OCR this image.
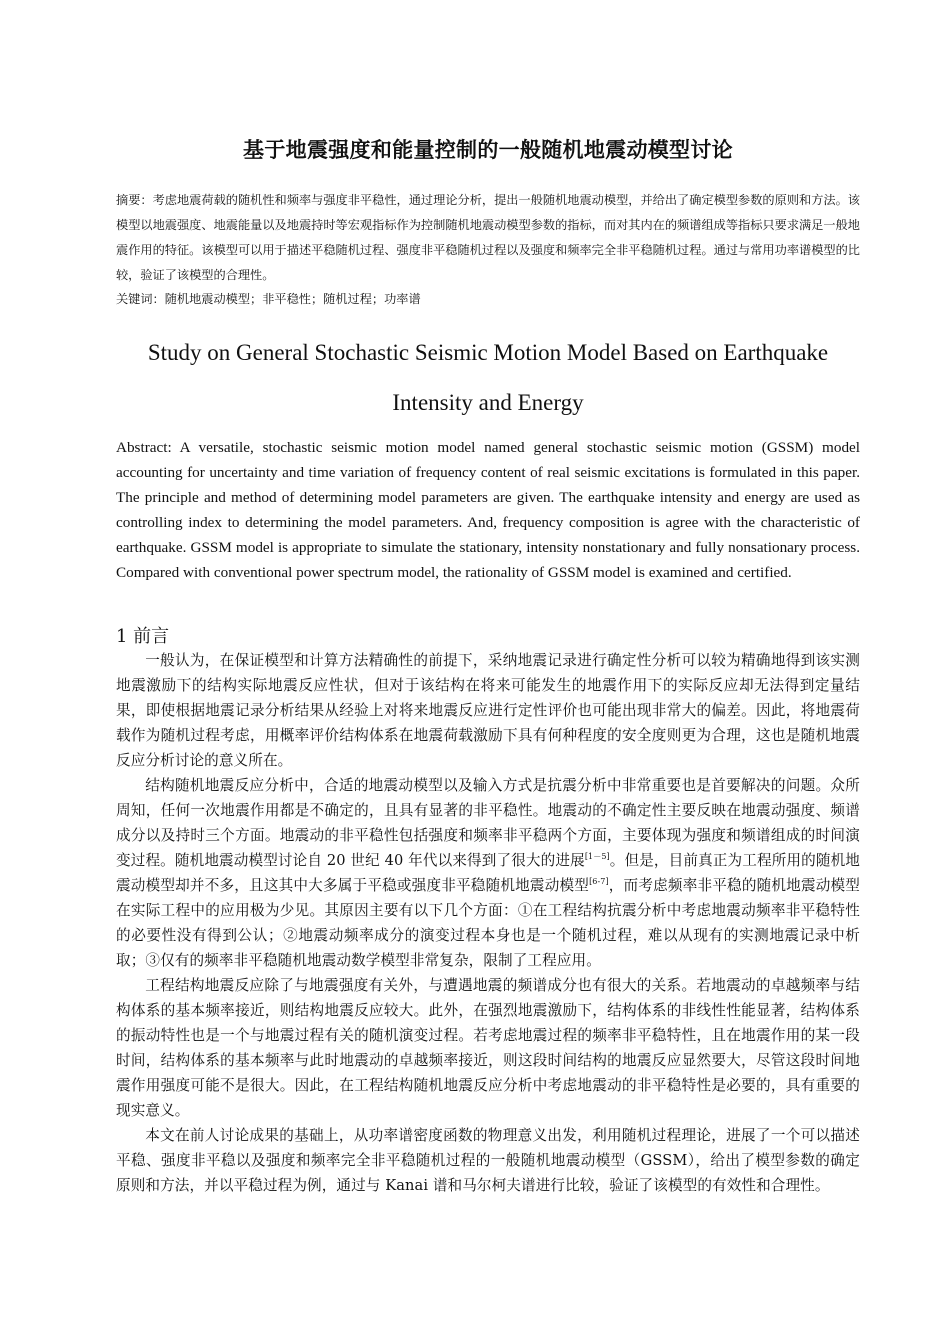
基于地震强度和能量控制的一般随机地震动模型讨论

摘要：考虑地震荷载的随机性和频率与强度非平稳性，通过理论分析，提出一般随机地震动模型，并给出了确定模型参数的原则和方法。该模型以地震强度、地震能量以及地震持时等宏观指标作为控制随机地震动模型参数的指标，而对其内在的频谱组成等指标只要求满足一般地震作用的特征。该模型可以用于描述平稳随机过程、强度非平稳随机过程以及强度和频率完全非平稳随机过程。通过与常用功率谱模型的比较，验证了该模型的合理性。

关键词：随机地震动模型；非平稳性；随机过程；功率谱

Study on General Stochastic Seismic Motion Model Based on Earthquake
Intensity and Energy

Abstract: A versatile, stochastic seismic motion model named general stochastic seismic motion (GSSM) model accounting for uncertainty and time variation of frequency content of real seismic excitations is formulated in this paper. The principle and method of determining model parameters are given. The earthquake intensity and energy are used as controlling index to determining the model parameters. And, frequency composition is agree with the characteristic of earthquake. GSSM model is appropriate to simulate the stationary, intensity nonstationary and fully nonsationary process. Compared with conventional power spectrum model, the rationality of GSSM model is examined and certified.

1 前言

一般认为，在保证模型和计算方法精确性的前提下，采纳地震记录进行确定性分析可以较为精确地得到该实测地震激励下的结构实际地震反应性状，但对于该结构在将来可能发生的地震作用下的实际反应却无法得到定量结果，即使根据地震记录分析结果从经验上对将来地震反应进行定性评价也可能出现非常大的偏差。因此，将地震荷载作为随机过程考虑，用概率评价结构体系在地震荷载激励下具有何种程度的安全度则更为合理，这也是随机地震反应分析讨论的意义所在。

结构随机地震反应分析中，合适的地震动模型以及输入方式是抗震分析中非常重要也是首要解决的问题。众所周知，任何一次地震作用都是不确定的，且具有显著的非平稳性。地震动的不确定性主要反映在地震动强度、频谱成分以及持时三个方面。地震动的非平稳性包括强度和频率非平稳两个方面，主要体现为强度和频谱组成的时间演变过程。随机地震动模型讨论自 20 世纪 40 年代以来得到了很大的进展[1－5]。但是，目前真正为工程所用的随机地震动模型却并不多，且这其中大多属于平稳或强度非平稳随机地震动模型[6-7]，而考虑频率非平稳的随机地震动模型在实际工程中的应用极为少见。其原因主要有以下几个方面：①在工程结构抗震分析中考虑地震动频率非平稳特性的必要性没有得到公认；②地震动频率成分的演变过程本身也是一个随机过程，难以从现有的实测地震记录中析取；③仅有的频率非平稳随机地震动数学模型非常复杂，限制了工程应用。

工程结构地震反应除了与地震强度有关外，与遭遇地震的频谱成分也有很大的关系。若地震动的卓越频率与结构体系的基本频率接近，则结构地震反应较大。此外，在强烈地震激励下，结构体系的非线性性能显著，结构体系的振动特性也是一个与地震过程有关的随机演变过程。若考虑地震过程的频率非平稳特性，且在地震作用的某一段时间，结构体系的基本频率与此时地震动的卓越频率接近，则这段时间结构的地震反应显然要大，尽管这段时间地震作用强度可能不是很大。因此，在工程结构随机地震反应分析中考虑地震动的非平稳特性是必要的，具有重要的现实意义。

本文在前人讨论成果的基础上，从功率谱密度函数的物理意义出发，利用随机过程理论，进展了一个可以描述平稳、强度非平稳以及强度和频率完全非平稳随机过程的一般随机地震动模型（GSSM），给出了模型参数的确定原则和方法，并以平稳过程为例，通过与 Kanai 谱和马尔柯夫谱进行比较，验证了该模型的有效性和合理性。
